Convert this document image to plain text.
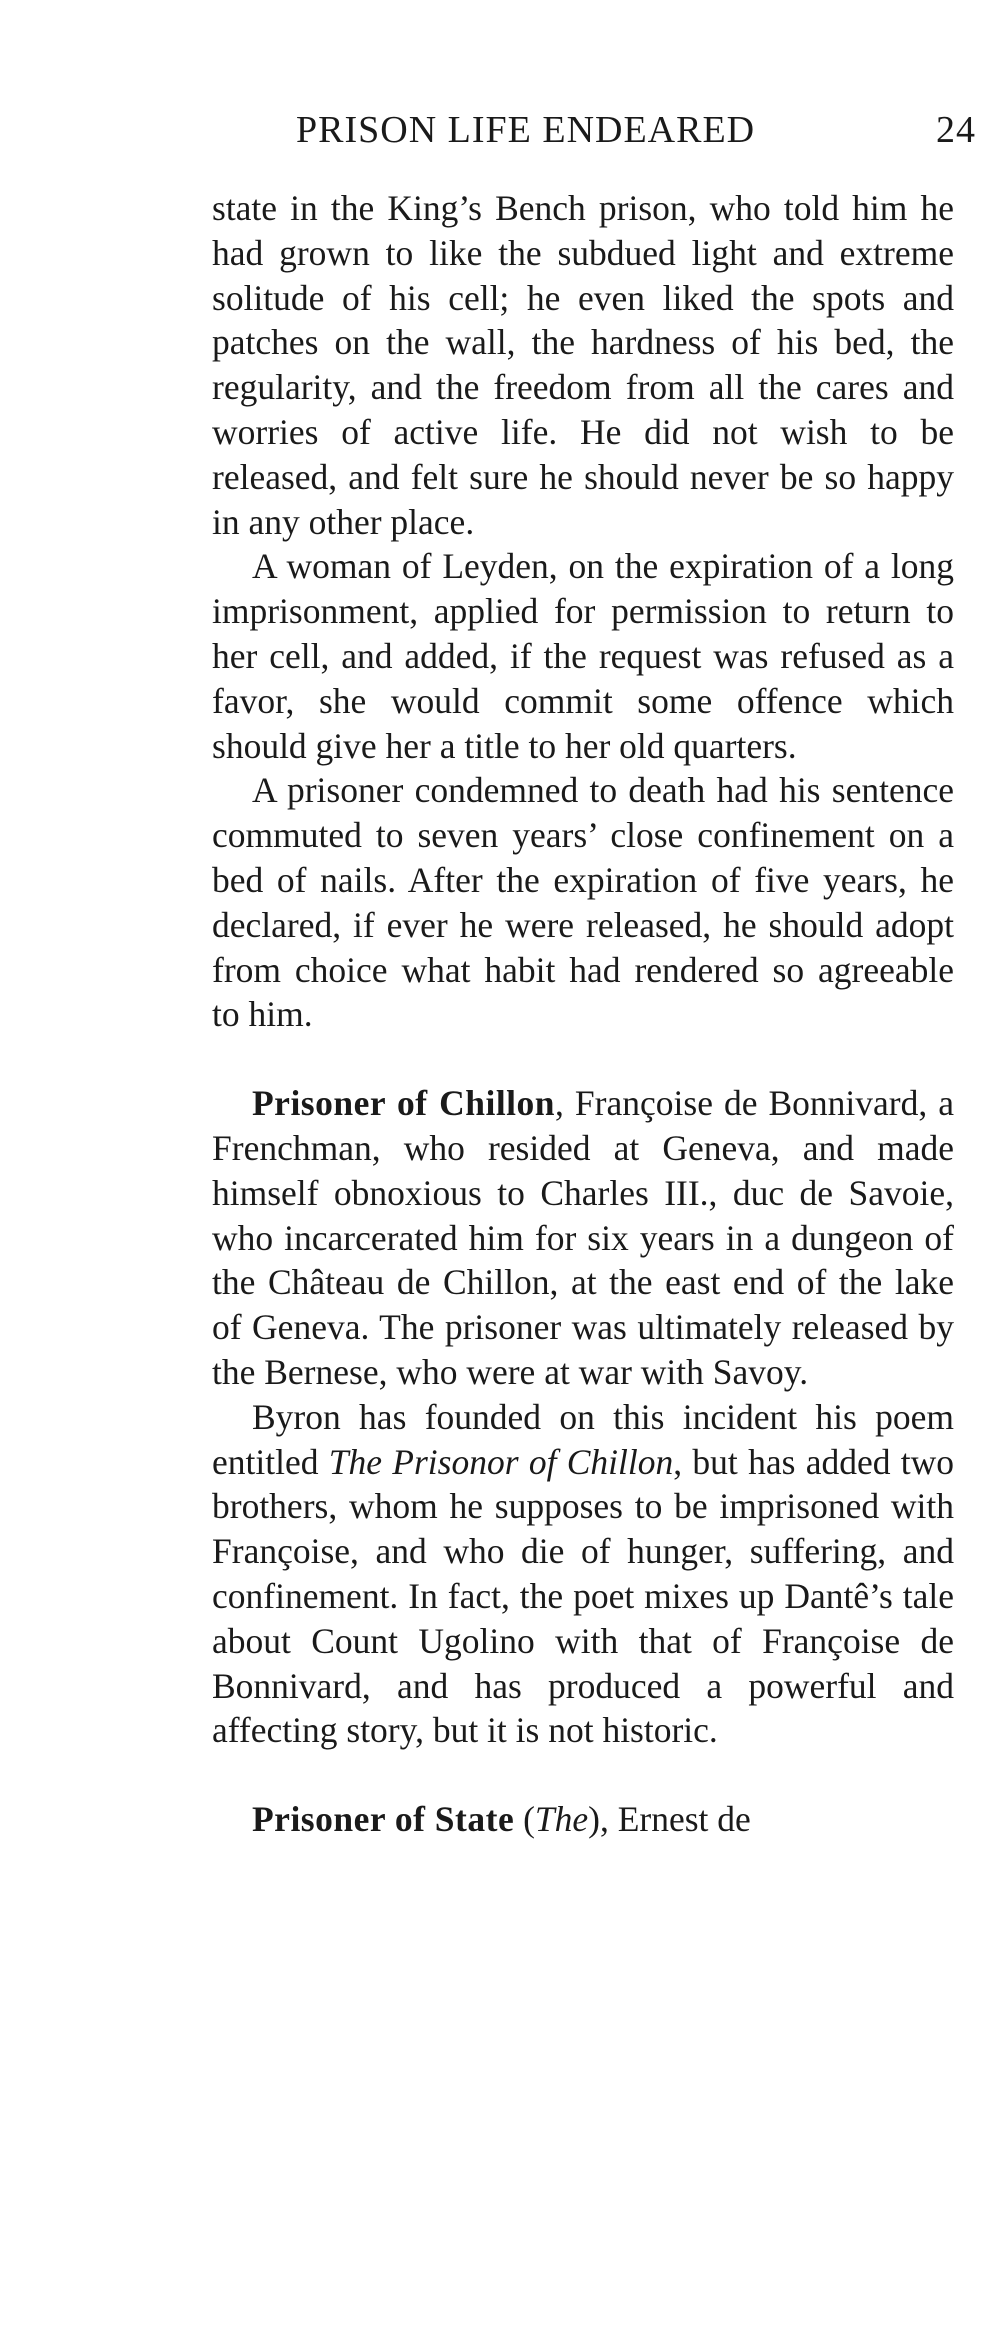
PRISON LIFE ENDEARED	24

state in the King’s Bench prison, who told him he had grown to like the subdued light and extreme solitude of his cell; he even liked the spots and patches on the wall, the hardness of his bed, the regularity, and the freedom from all the cares and worries of active life. He did not wish to be released, and felt sure he should never be so happy in any other place.

A woman of Leyden, on the expiration of a long imprisonment, applied for permission to return to her cell, and added, if the request was refused as a favor, she would commit some offence which should give her a title to her old quarters.

A prisoner condemned to death had his sentence commuted to seven years’ close confinement on a bed of nails. After the expiration of five years, he declared, if ever he were released, he should adopt from choice what habit had rendered so agreeable to him.

Prisoner of Chillon, Françoise de Bonnivard, a Frenchman, who resided at Geneva, and made himself obnoxious to Charles III., duc de Savoie, who incarcerated him for six years in a dungeon of the Château de Chillon, at the east end of the lake of Geneva. The prisoner was ultimately released by the Bernese, who were at war with Savoy.

Byron has founded on this incident his poem entitled The Prisonor of Chillon, but has added two brothers, whom he supposes to be imprisoned with Françoise, and who die of hunger, suffering, and confinement. In fact, the poet mixes up Dantê’s tale about Count Ugolino with that of Françoise de Bonnivard, and has produced a powerful and affecting story, but it is not historic.

Prisoner of State (The), Ernest de
